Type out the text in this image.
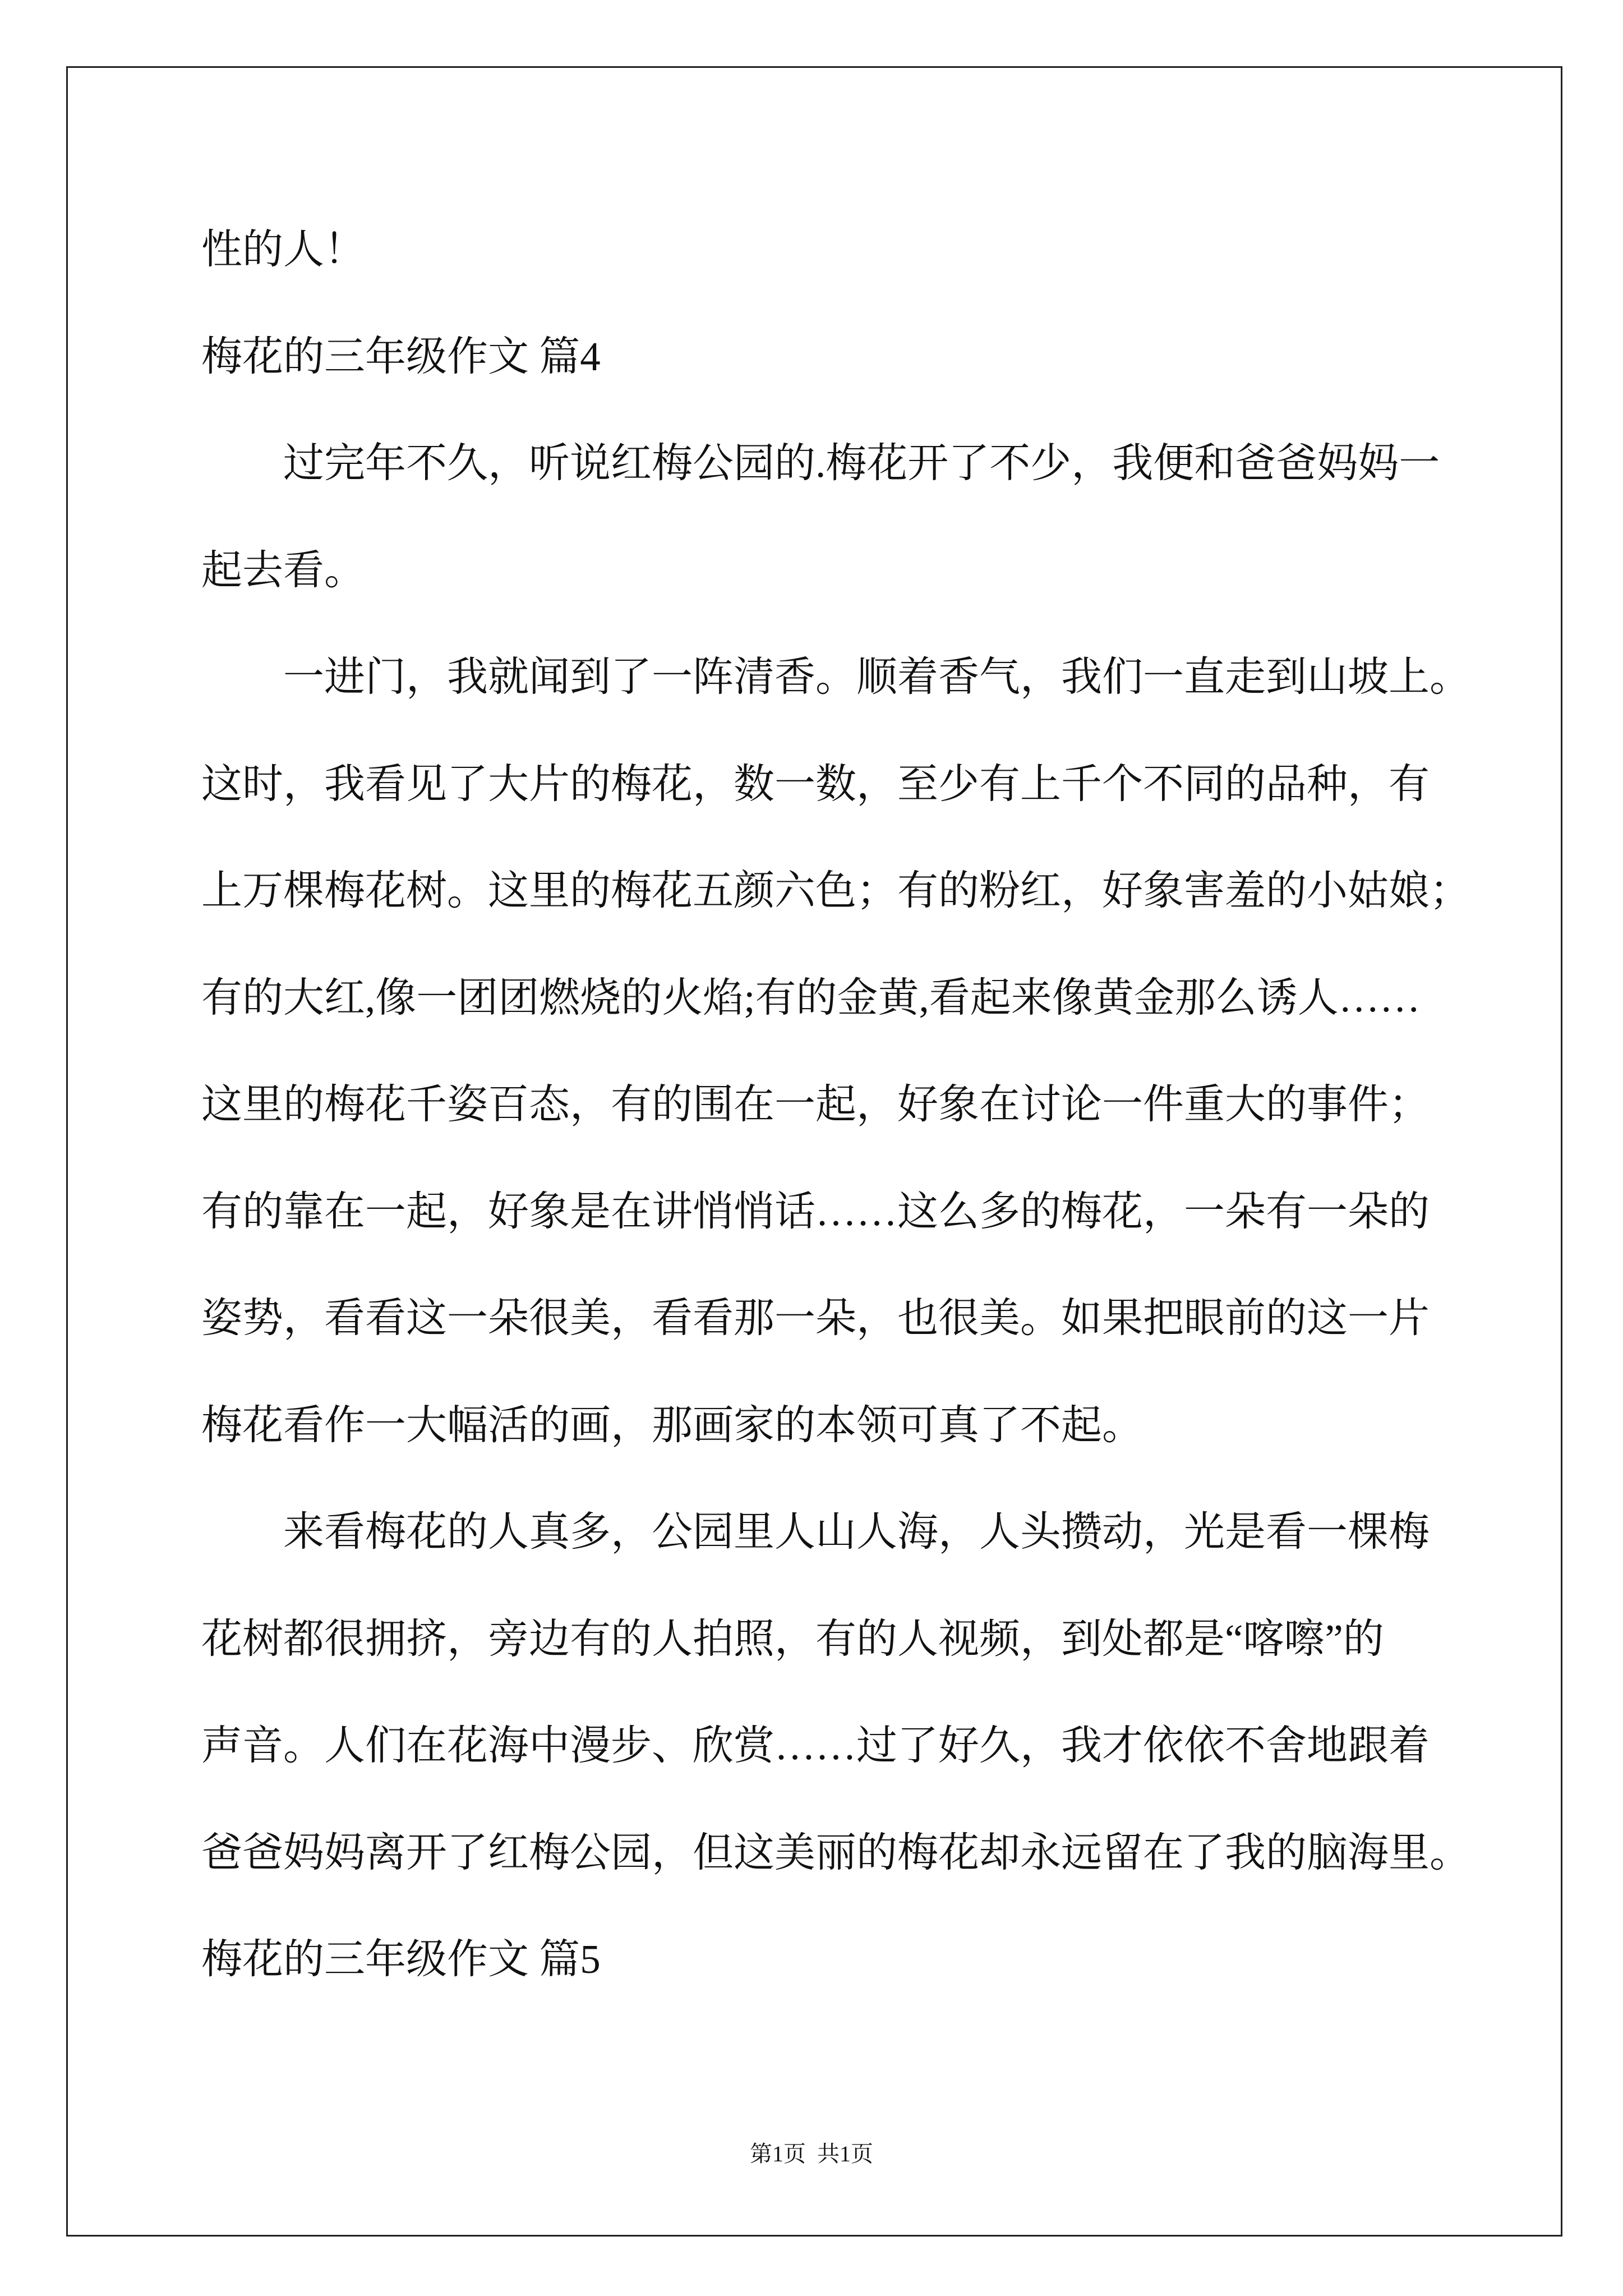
性的人！
梅花的三年级作文 篇4
过完年不久，听说红梅公园的.梅花开了不少，我便和爸爸妈妈一
起去看。
一进门，我就闻到了一阵清香。顺着香气，我们一直走到山坡上。
这时，我看见了大片的梅花，数一数，至少有上千个不同的品种，有
上万棵梅花树。这里的梅花五颜六色；有的粉红，好象害羞的小姑娘；
有的大红,像一团团燃烧的火焰;有的金黄,看起来像黄金那么诱人……
这里的梅花千姿百态，有的围在一起，好象在讨论一件重大的事件；
有的靠在一起，好象是在讲悄悄话……这么多的梅花，一朵有一朵的
姿势，看看这一朵很美，看看那一朵，也很美。如果把眼前的这一片
梅花看作一大幅活的画，那画家的本领可真了不起。
来看梅花的人真多，公园里人山人海，人头攒动，光是看一棵梅
花树都很拥挤，旁边有的人拍照，有的人视频，到处都是“喀嚓”的
声音。人们在花海中漫步、欣赏……过了好久，我才依依不舍地跟着
爸爸妈妈离开了红梅公园，但这美丽的梅花却永远留在了我的脑海里。
梅花的三年级作文 篇5
第1页  共1页
